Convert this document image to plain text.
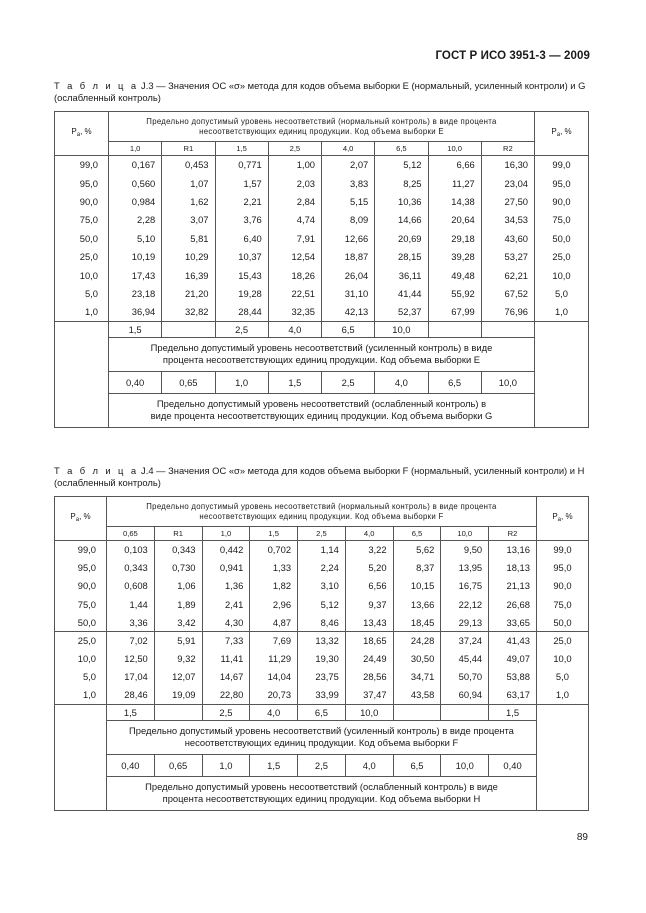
ГОСТ Р ИСО 3951-3 — 2009
Т а б л и ц а J.3 — Значения ОС «σ» метода для кодов объема выборки Е (нормальный, усиленный контроли) и G (ослабленный контроль)
$P_a$, %	Предельно допустимый уровень несоответствий (нормальный контроль) в виде процента несоответствующих единиц продукции. Код объема выборки Е								$P_a$, %
	1,0	R1	1,5	2,5	4,0	6,5	10,0	R2	
99,0	0,167	0,453	0,771	1,00	2,07	5,12	6,66	16,30	99,0
95,0	0,560	1,07	1,57	2,03	3,83	8,25	11,27	23,04	95,0
90,0	0,984	1,62	2,21	2,84	5,15	10,36	14,38	27,50	90,0
75,0	2,28	3,07	3,76	4,74	8,09	14,66	20,64	34,53	75,0
50,0	5,10	5,81	6,40	7,91	12,66	20,69	29,18	43,60	50,0
25,0	10,19	10,29	10,37	12,54	18,87	28,15	39,28	53,27	25,0
10,0	17,43	16,39	15,43	18,26	26,04	36,11	49,48	62,21	10,0
5,0	23,18	21,20	19,28	22,51	31,10	41,44	55,92	67,52	5,0
1,0	36,94	32,82	28,44	32,35	42,13	52,37	67,99	76,96	1,0
	1,5		2,5	4,0	6,5	10,0			
	Предельно допустимый уровень несоответствий (усиленный контроль) в виде процента несоответствующих единиц продукции. Код объема выборки Е								
	0,40	0,65	1,0	1,5	2,5	4,0	6,5	10,0	
	Предельно допустимый уровень несоответствий (ослабленный контроль) в виде процента несоответствующих единиц продукции. Код объема выборки G								
Т а б л и ц а J.4 — Значения ОС «σ» метода для кодов объема выборки F (нормальный, усиленный контроли) и Н (ослабленный контроль)
$P_a$, %	Предельно допустимый уровень несоответствий (нормальный контроль) в виде процента несоответствующих единиц продукции. Код объема выборки F									$P_a$, %
	0,65	R1	1,0	1,5	2,5	4,0	6,5	10,0	R2	
99,0	0,103	0,343	0,442	0,702	1,14	3,22	5,62	9,50	13,16	99,0
95,0	0,343	0,730	0,941	1,33	2,24	5,20	8,37	13,95	18,13	95,0
90,0	0,608	1,06	1,36	1,82	3,10	6,56	10,15	16,75	21,13	90,0
75,0	1,44	1,89	2,41	2,96	5,12	9,37	13,66	22,12	26,68	75,0
50,0	3,36	3,42	4,30	4,87	8,46	13,43	18,45	29,13	33,65	50,0
25,0	7,02	5,91	7,33	7,69	13,32	18,65	24,28	37,24	41,43	25,0
10,0	12,50	9,32	11,41	11,29	19,30	24,49	30,50	45,44	49,07	10,0
5,0	17,04	12,07	14,67	14,04	23,75	28,56	34,71	50,70	53,88	5,0
1,0	28,46	19,09	22,80	20,73	33,99	37,47	43,58	60,94	63,17	1,0
	1,5		2,5	4,0	6,5	10,0			1,5	
	Предельно допустимый уровень несоответствий (усиленный контроль) в виде процента несоответствующих единиц продукции. Код объема выборки F									
	0,40	0,65	1,0	1,5	2,5	4,0	6,5	10,0	0,40	
	Предельно допустимый уровень несоответствий (ослабленный контроль) в виде процента несоответствующих единиц продукции. Код объема выборки Н									
89
